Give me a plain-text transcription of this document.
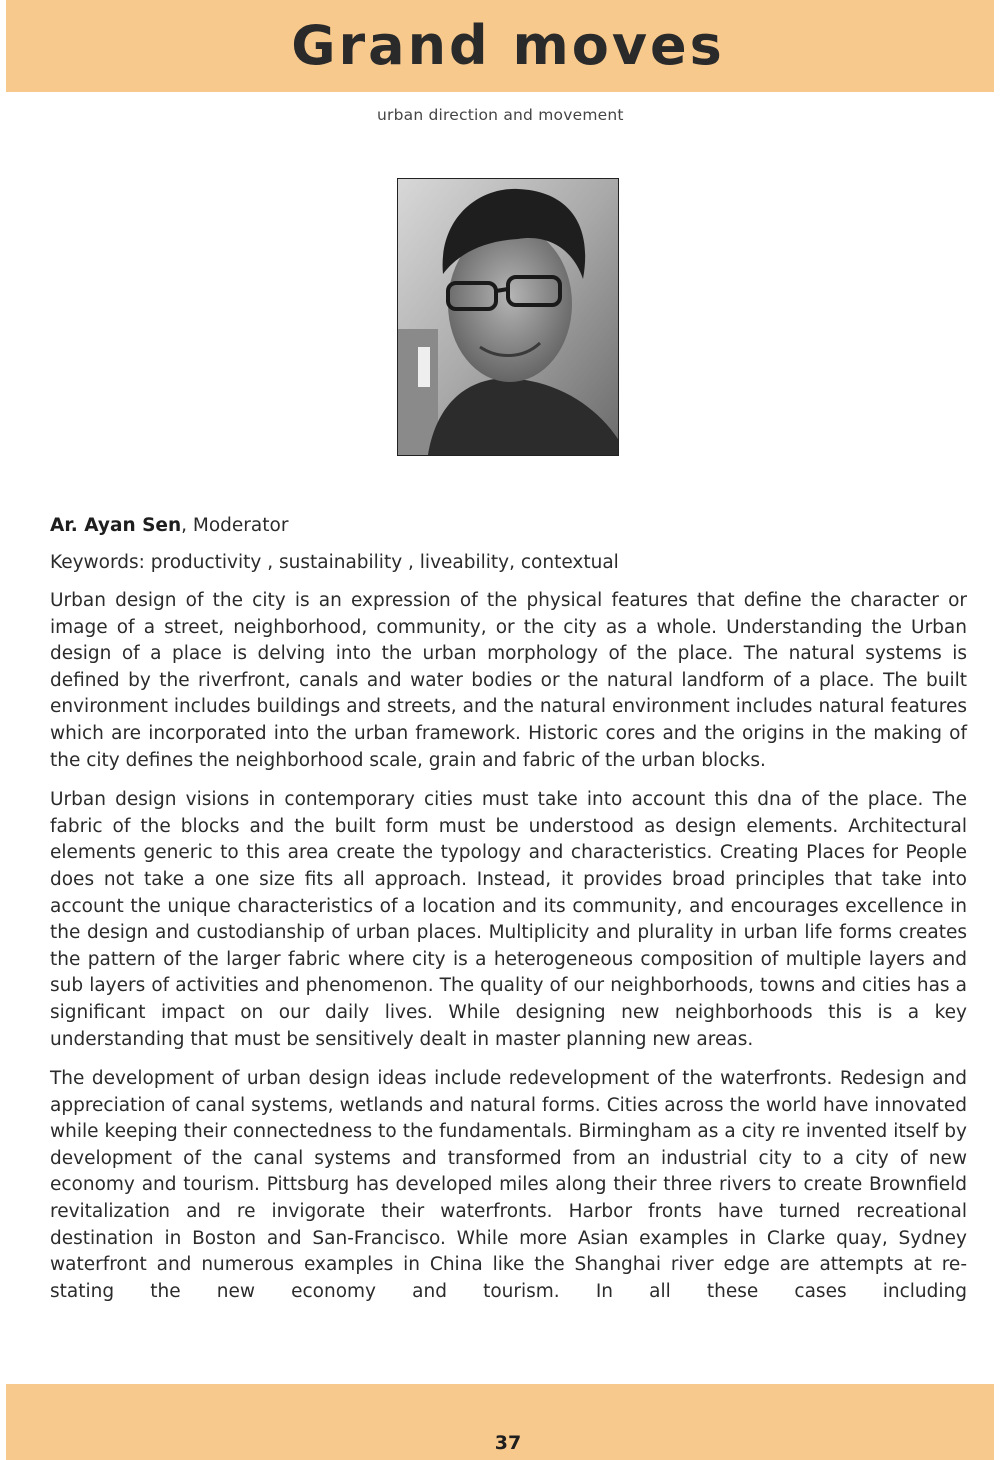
Grand moves
urban direction and movement

Ar. Ayan Sen, Moderator

Keywords: productivity , sustainability , liveability, contextual

Urban design of the city is an expression of the physical features that define the character or image of a street, neighborhood, community, or the city as a whole. Understanding the Urban design of a place is delving into the urban morphology of the place. The natural systems is defined by the riverfront, canals and water bodies or the natural landform of a place. The built environment includes buildings and streets, and the natural environment includes natural features which are incorporated into the urban framework. Historic cores and the origins in the making of the city defines the neighborhood scale, grain and fabric of the urban blocks.

Urban design visions in contemporary cities must take into account this dna of the place. The fabric of the blocks and the built form must be understood as design elements. Architectural elements generic to this area create the typology and characteristics. Creating Places for People does not take a one size fits all approach. Instead, it provides broad principles that take into account the unique characteristics of a location and its community, and encourages excellence in the design and custodianship of urban places. Multiplicity and plurality in urban life forms creates the pattern of the larger fabric where city is a heterogeneous composition of multiple layers and sub layers of activities and phenomenon. The quality of our neighborhoods, towns and cities has a significant impact on our daily lives. While designing new neighborhoods this is a key understanding that must be sensitively dealt in master planning new areas.

The development of urban design ideas include redevelopment of the waterfronts. Redesign and appreciation of canal systems, wetlands and natural forms. Cities across the world have innovated while keeping their connectedness to the fundamentals. Birmingham as a city re invented itself by development of the canal systems and transformed from an industrial city to a city of new economy and tourism. Pittsburg has developed miles along their three rivers to create Brownfield revitalization and re invigorate their waterfronts. Harbor fronts have turned recreational destination in Boston and San-Francisco. While more Asian examples in Clarke quay, Sydney waterfront and numerous examples in China like the Shanghai river edge are attempts at re-stating the new economy and tourism. In all these cases including

37
